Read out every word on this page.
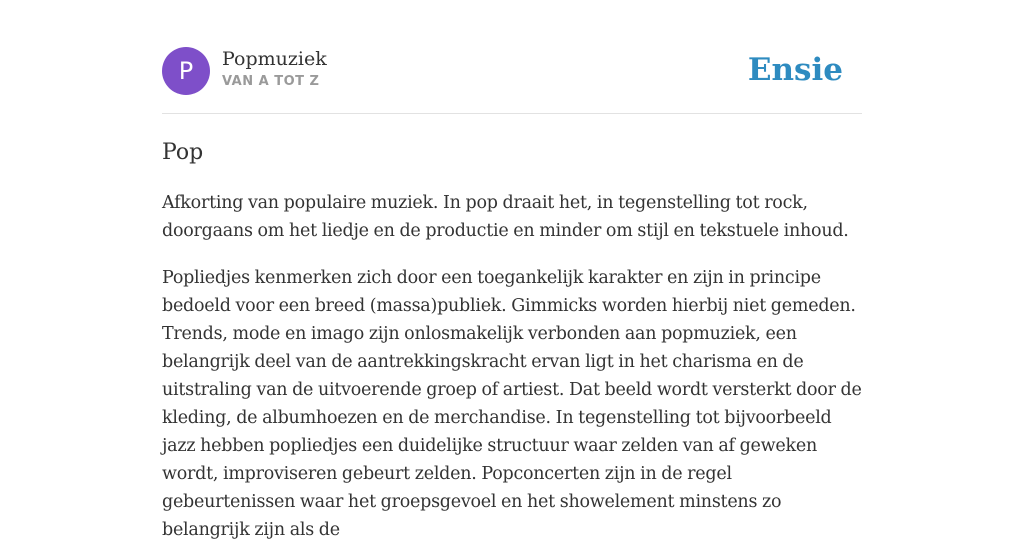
P	Popmuziek
VAN A TOT Z	Ensie
Pop

Afkorting van populaire muziek. In pop draait het, in tegenstelling tot rock, doorgaans om het liedje en de productie en minder om stijl en tekstuele inhoud.

Popliedjes kenmerken zich door een toegankelijk karakter en zijn in principe bedoeld voor een breed (massa)publiek. Gimmicks worden hierbij niet gemeden. Trends, mode en imago zijn onlosmakelijk verbonden aan popmuziek, een belangrijk deel van de aantrekkingskracht ervan ligt in het charisma en de uitstraling van de uitvoerende groep of artiest. Dat beeld wordt versterkt door de kleding, de albumhoezen en de merchandise. In tegenstelling tot bijvoorbeeld jazz hebben popliedjes een duidelijke structuur waar zelden van af geweken wordt, improviseren gebeurt zelden. Popconcerten zijn in de regel gebeurtenissen waar het groepsgevoel en het showelement minstens zo belangrijk zijn als de
